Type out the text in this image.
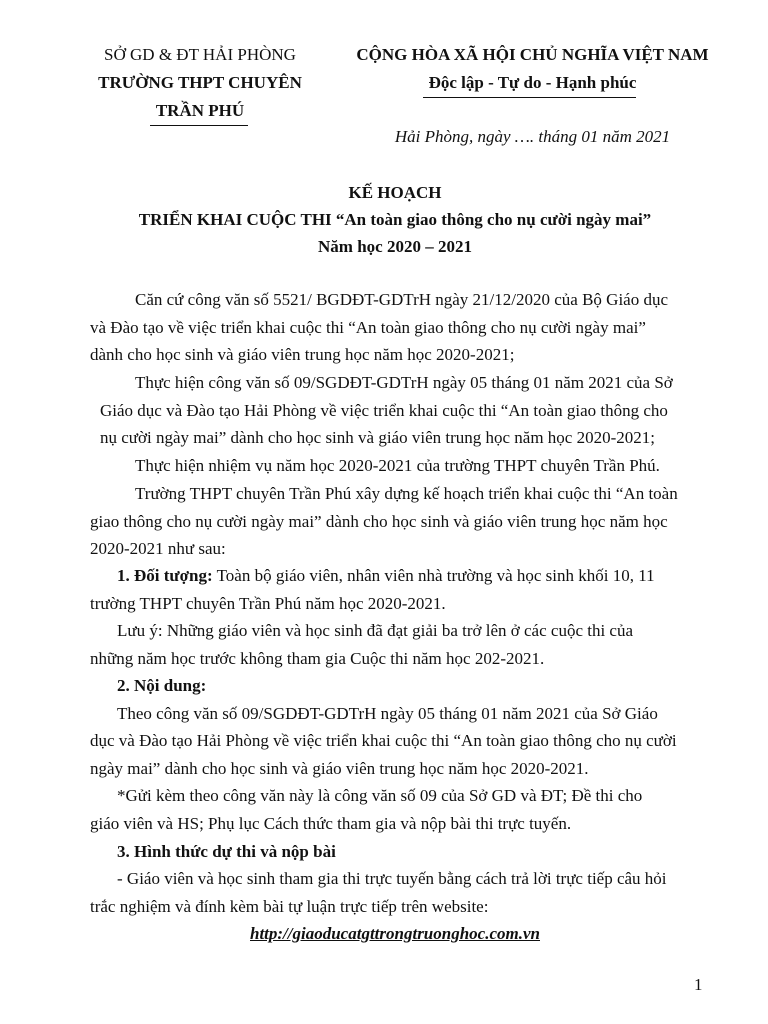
SỞ GD & ĐT HẢI PHÒNG
TRƯỜNG THPT CHUYÊN
TRẦN PHÚ
CỘNG HÒA XÃ HỘI CHỦ NGHĨA VIỆT NAM
Độc lập - Tự do - Hạnh phúc
Hải Phòng, ngày …. tháng 01 năm 2021
KẾ HOẠCH
TRIỂN KHAI CUỘC THI “An toàn giao thông cho nụ cười ngày mai”
Năm học 2020 – 2021
Căn cứ công văn số 5521/ BGDĐT-GDTrH ngày 21/12/2020 của Bộ Giáo dục
và Đào tạo về việc triển khai cuộc thi “An toàn giao thông cho nụ cười ngày mai”
dành cho học sinh và giáo viên trung học năm học 2020-2021;
Thực hiện công văn số 09/SGDĐT-GDTrH ngày 05 tháng 01 năm 2021 của Sở
Giáo dục và Đào tạo Hải Phòng về việc triển khai cuộc thi “An toàn giao thông cho
nụ cười ngày mai” dành cho học sinh và giáo viên trung học năm học 2020-2021;
Thực hiện nhiệm vụ năm học 2020-2021 của trường THPT chuyên Trần Phú.
Trường THPT chuyên Trần Phú xây dựng kế hoạch triển khai cuộc thi “An toàn
giao thông cho nụ cười ngày mai” dành cho học sinh và giáo viên trung học năm học
2020-2021 như sau:
1. Đối tượng: Toàn bộ giáo viên, nhân viên nhà trường và học sinh khối 10, 11
trường THPT chuyên Trần Phú năm học 2020-2021.
Lưu ý: Những giáo viên và học sinh đã đạt giải ba trở lên ở các cuộc thi của
những năm học trước không tham gia Cuộc thi năm học 202-2021.
2. Nội dung:
Theo công văn số 09/SGDĐT-GDTrH ngày 05 tháng 01 năm 2021 của Sở Giáo
dục và Đào tạo Hải Phòng về việc triển khai cuộc thi “An toàn giao thông cho nụ cười
ngày mai” dành cho học sinh và giáo viên trung học năm học 2020-2021.
*Gửi kèm theo công văn này là công văn số 09 của Sở GD và ĐT; Đề thi cho
giáo viên và HS; Phụ lục Cách thức tham gia và nộp bài thi trực tuyến.
3. Hình thức dự thi và nộp bài
- Giáo viên và học sinh tham gia thi trực tuyến bằng cách trả lời trực tiếp câu hỏi
trắc nghiệm và đính kèm bài tự luận trực tiếp trên website:
http://giaoducatgttrongtruonghoc.com.vn
1
